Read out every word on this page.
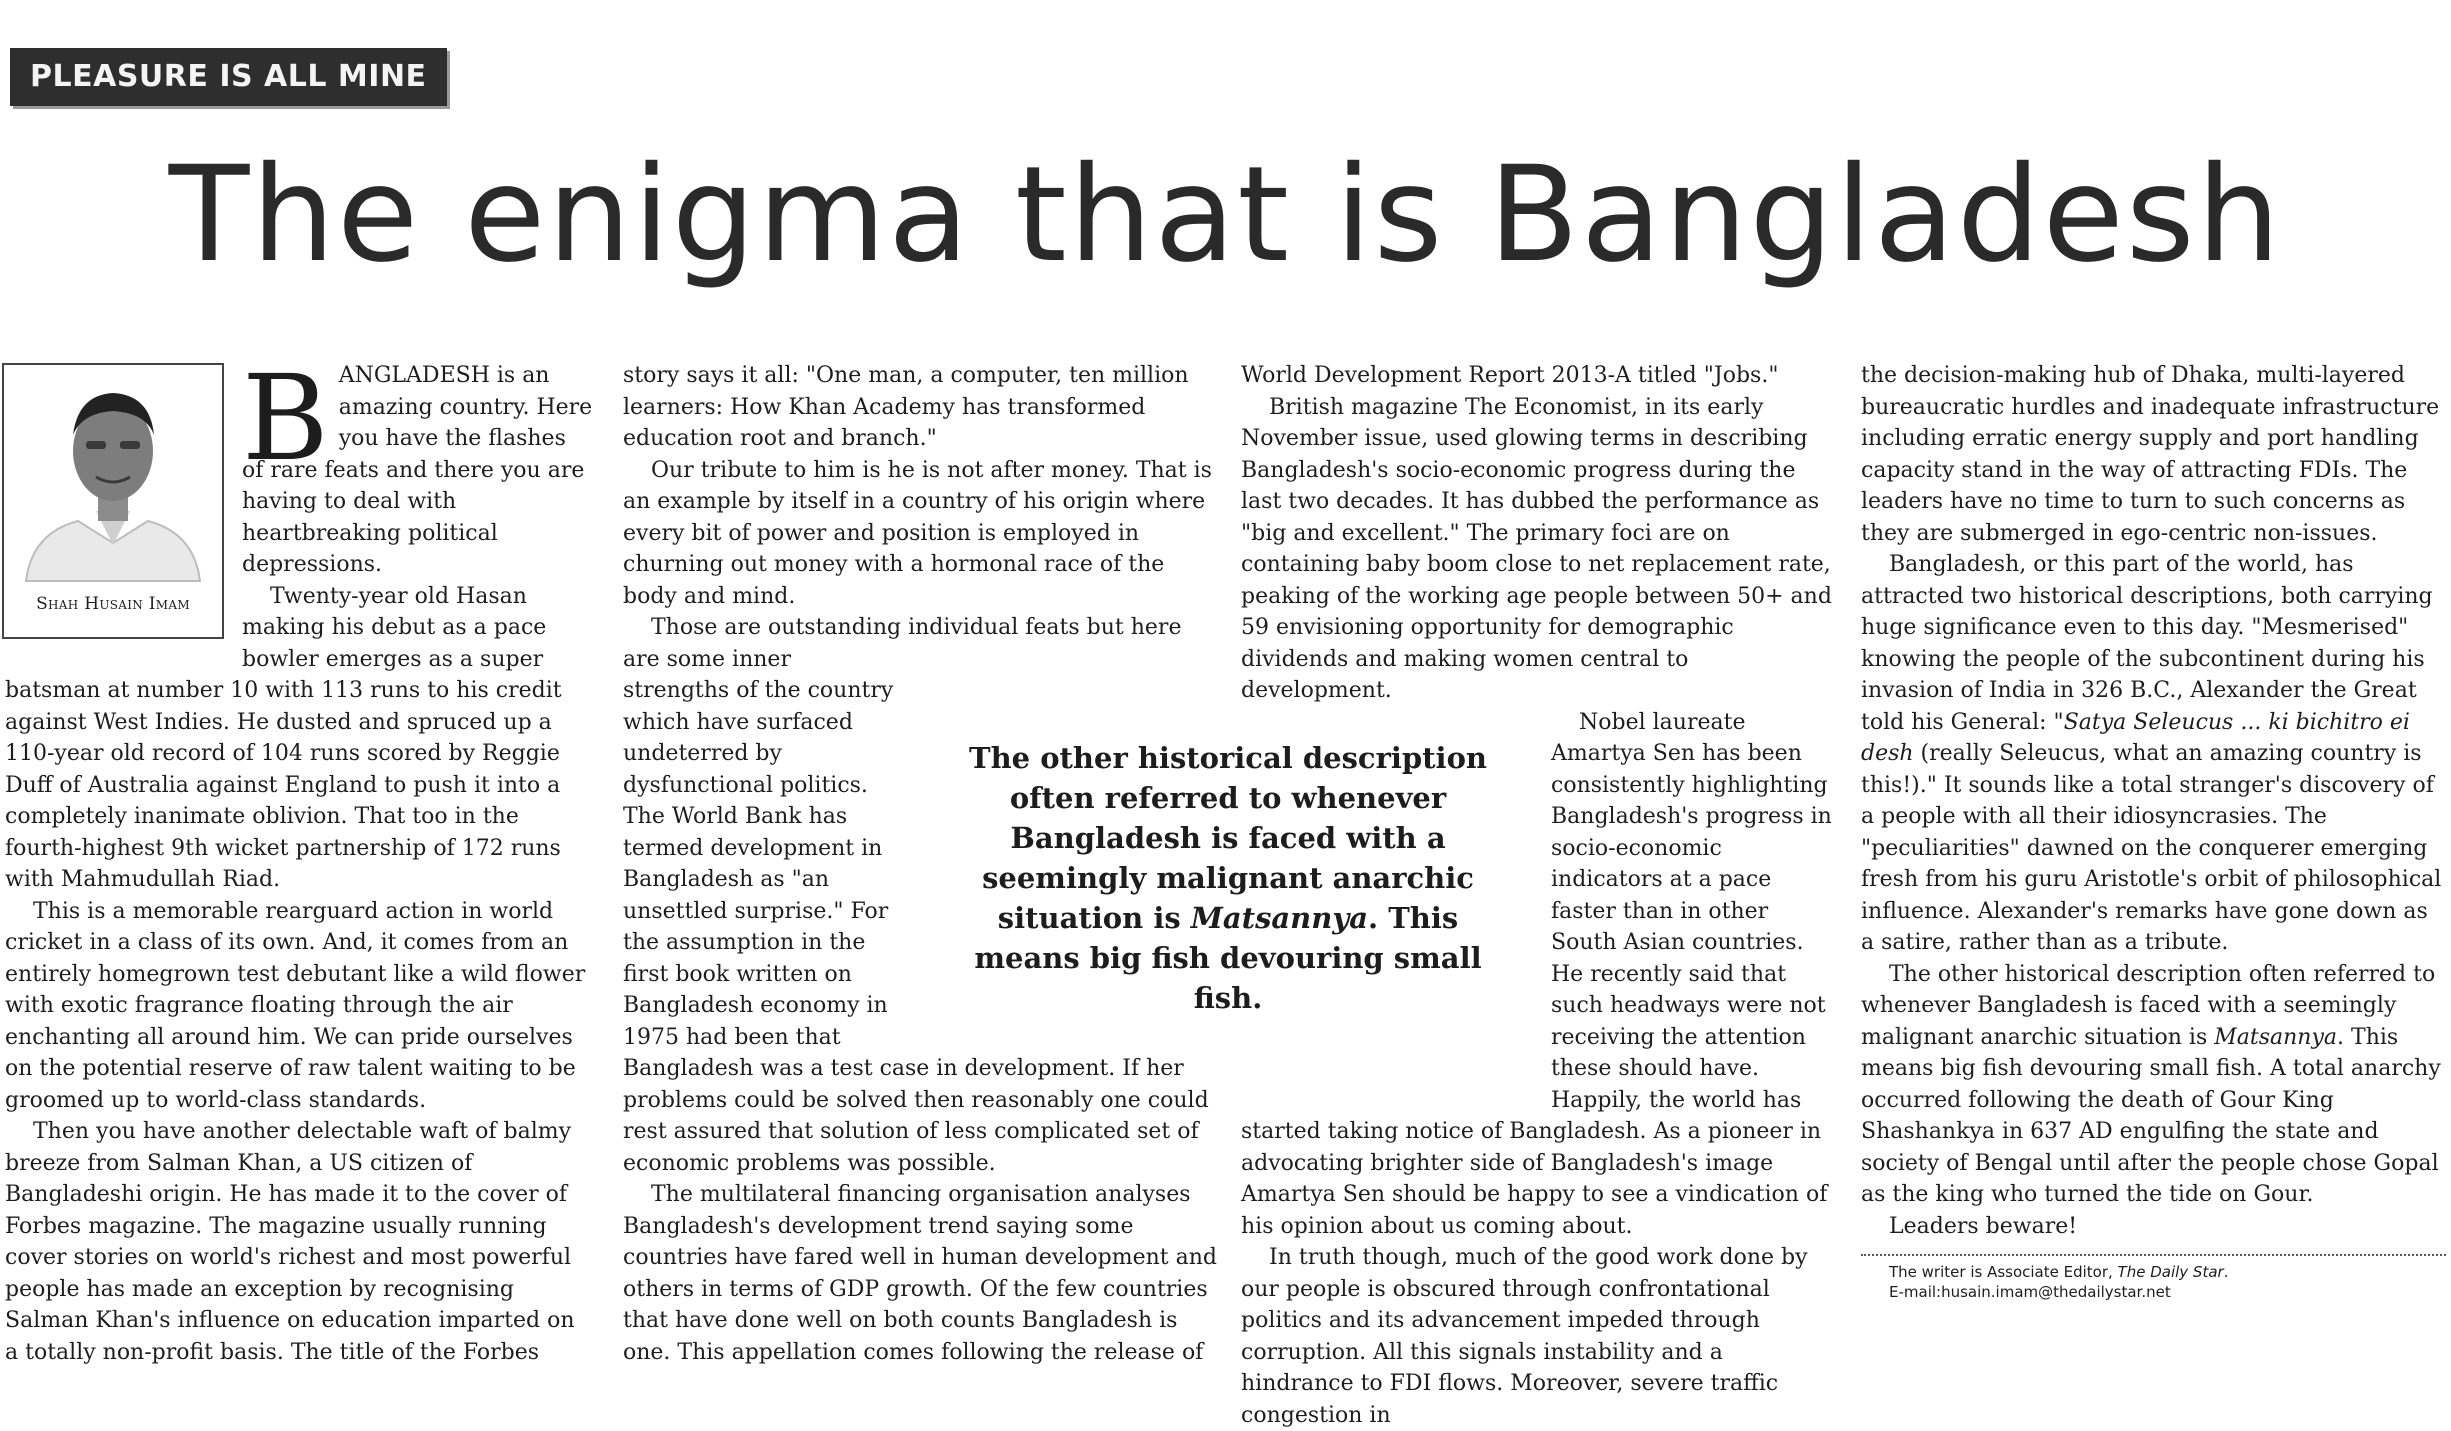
PLEASURE IS ALL MINE
The enigma that is Bangladesh
Shah Husain Imam
B ANGLADESH is an amazing country. Here you have the flashes of rare feats and there you are having to deal with heartbreaking political depressions.

Twenty-year old Hasan making his debut as a pace bowler emerges as a super batsman at number 10 with 113 runs to his credit against West Indies. He dusted and spruced up a 110-year old record of 104 runs scored by Reggie Duff of Australia against England to push it into a completely inanimate oblivion. That too in the fourth-highest 9th wicket partnership of 172 runs with Mahmudullah Riad.

This is a memorable rearguard action in world cricket in a class of its own. And, it comes from an entirely homegrown test debutant like a wild flower with exotic fragrance floating through the air enchanting all around him. We can pride ourselves on the potential reserve of raw talent waiting to be groomed up to world-class standards.

Then you have another delectable waft of balmy breeze from Salman Khan, a US citizen of Bangladeshi origin. He has made it to the cover of Forbes magazine. The magazine usually running cover stories on world's richest and most powerful people has made an exception by recognising Salman Khan's influence on education imparted on a totally non-profit basis. The title of the Forbes

story says it all: "One man, a computer, ten million learners: How Khan Academy has transformed education root and branch."

Our tribute to him is he is not after money. That is an example by itself in a country of his origin where every bit of power and position is employed in churning out money with a hormonal race of the body and mind.

Those are outstanding individual feats but here are some inner strengths of the country which have surfaced undeterred by dysfunctional politics. The World Bank has termed development in Bangladesh as "an unsettled surprise." For the assumption in the first book written on Bangladesh economy in 1975 had been that Bangladesh was a test case in development. If her problems could be solved then reasonably one could rest assured that solution of less complicated set of economic problems was possible.

The multilateral financing organisation analyses Bangladesh's development trend saying some countries have fared well in human development and others in terms of GDP growth. Of the few countries that have done well on both counts Bangladesh is one. This appellation comes following the release of

World Development Report 2013-A titled "Jobs."

British magazine The Economist, in its early November issue, used glowing terms in describing Bangladesh's socio-economic progress during the last two decades. It has dubbed the performance as "big and excellent." The primary foci are on containing baby boom close to net replacement rate, peaking of the working age people between 50+ and 59 envisioning opportunity for demographic dividends and making women central to development.

Nobel laureate Amartya Sen has been consistently highlighting Bangladesh's progress in socio-economic indicators at a pace faster than in other South Asian countries. He recently said that such headways were not receiving the attention these should have. Happily, the world has started taking notice of Bangladesh. As a pioneer in advocating brighter side of Bangladesh's image Amartya Sen should be happy to see a vindication of his opinion about us coming about.

In truth though, much of the good work done by our people is obscured through confrontational politics and its advancement impeded through corruption. All this signals instability and a hindrance to FDI flows. Moreover, severe traffic congestion in

the decision-making hub of Dhaka, multi-layered bureaucratic hurdles and inadequate infrastructure including erratic energy supply and port handling capacity stand in the way of attracting FDIs. The leaders have no time to turn to such concerns as they are submerged in ego-centric non-issues.

Bangladesh, or this part of the world, has attracted two historical descriptions, both carrying huge significance even to this day. "Mesmerised" knowing the people of the subcontinent during his invasion of India in 326 B.C., Alexander the Great told his General: "Satya Seleucus ... ki bichitro ei desh (really Seleucus, what an amazing country is this!)." It sounds like a total stranger's discovery of a people with all their idiosyncrasies. The "peculiarities" dawned on the conquerer emerging fresh from his guru Aristotle's orbit of philosophical influence. Alexander's remarks have gone down as a satire, rather than as a tribute.

The other historical description often referred to whenever Bangladesh is faced with a seemingly malignant anarchic situation is Matsannya. This means big fish devouring small fish. A total anarchy occurred following the death of Gour King Shashankya in 637 AD engulfing the state and society of Bengal until after the people chose Gopal as the king who turned the tide on Gour.

Leaders beware!

The writer is Associate Editor, The Daily Star.

E-mail:husain.imam@thedailystar.net

The other historical description often referred to whenever Bangladesh is faced with a seemingly malignant anarchic situation is Matsannya. This means big fish devouring small fish.
